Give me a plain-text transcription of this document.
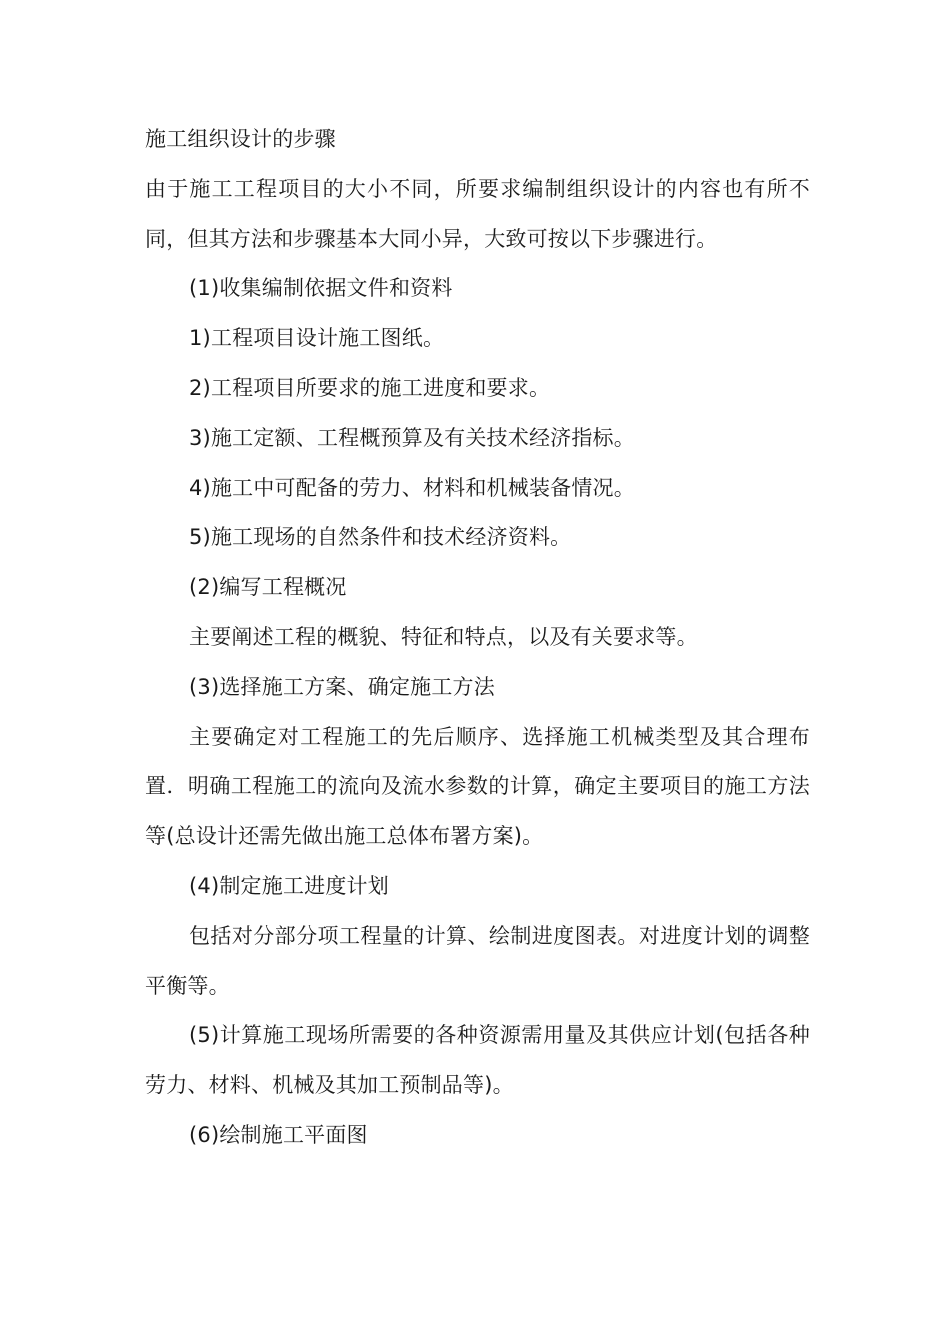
施工组织设计的步骤

由于施工工程项目的大小不同，所要求编制组织设计的内容也有所不同，但其方法和步骤基本大同小异，大致可按以下步骤进行。

(1)收集编制依据文件和资料

1)工程项目设计施工图纸。

2)工程项目所要求的施工进度和要求。

3)施工定额、工程概预算及有关技术经济指标。

4)施工中可配备的劳力、材料和机械装备情况。

5)施工现场的自然条件和技术经济资料。

(2)编写工程概况

主要阐述工程的概貌、特征和特点，以及有关要求等。

(3)选择施工方案、确定施工方法

主要确定对工程施工的先后顺序、选择施工机械类型及其合理布置．明确工程施工的流向及流水参数的计算，确定主要项目的施工方法等(总设计还需先做出施工总体布署方案)。

(4)制定施工进度计划

包括对分部分项工程量的计算、绘制进度图表。对进度计划的调整平衡等。

(5)计算施工现场所需要的各种资源需用量及其供应计划(包括各种劳力、材料、机械及其加工预制品等)。

(6)绘制施工平面图
